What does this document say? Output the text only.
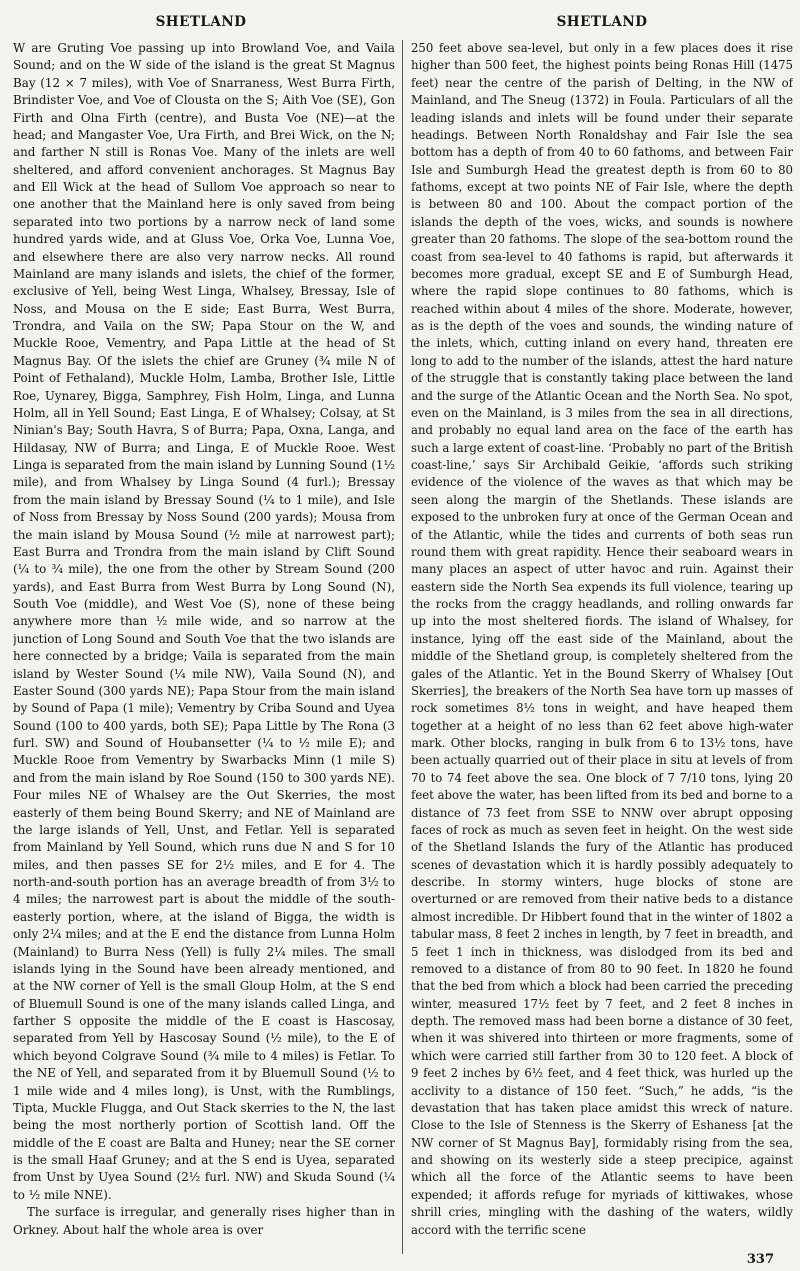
SHETLAND	SHETLAND

W are Gruting Voe passing up into Browland Voe, and Vaila Sound; and on the W side of the island is the great St Magnus Bay (12 × 7 miles), with Voe of Snarraness, West Burra Firth, Brindister Voe, and Voe of Clousta on the S; Aith Voe (SE), Gon Firth and Olna Firth (centre), and Busta Voe (NE)—at the head; and Mangaster Voe, Ura Firth, and Brei Wick, on the N; and farther N still is Ronas Voe. Many of the inlets are well sheltered, and afford convenient anchorages. St Magnus Bay and Ell Wick at the head of Sullom Voe approach so near to one another that the Mainland here is only saved from being separated into two portions by a narrow neck of land some hundred yards wide, and at Gluss Voe, Orka Voe, Lunna Voe, and elsewhere there are also very narrow necks. All round Mainland are many islands and islets, the chief of the former, exclusive of Yell, being West Linga, Whalsey, Bressay, Isle of Noss, and Mousa on the E side; East Burra, West Burra, Trondra, and Vaila on the SW; Papa Stour on the W, and Muckle Rooe, Vementry, and Papa Little at the head of St Magnus Bay. Of the islets the chief are Gruney (¾ mile N of Point of Fethaland), Muckle Holm, Lamba, Brother Isle, Little Roe, Uynarey, Bigga, Samphrey, Fish Holm, Linga, and Lunna Holm, all in Yell Sound; East Linga, E of Whalsey; Colsay, at St Ninian's Bay; South Havra, S of Burra; Papa, Oxna, Langa, and Hildasay, NW of Burra; and Linga, E of Muckle Rooe. West Linga is separated from the main island by Lunning Sound (1½ mile), and from Whalsey by Linga Sound (4 furl.); Bressay from the main island by Bressay Sound (¼ to 1 mile), and Isle of Noss from Bressay by Noss Sound (200 yards); Mousa from the main island by Mousa Sound (½ mile at narrowest part); East Burra and Trondra from the main island by Clift Sound (¼ to ¾ mile), the one from the other by Stream Sound (200 yards), and East Burra from West Burra by Long Sound (N), South Voe (middle), and West Voe (S), none of these being anywhere more than ½ mile wide, and so narrow at the junction of Long Sound and South Voe that the two islands are here connected by a bridge; Vaila is separated from the main island by Wester Sound (¼ mile NW), Vaila Sound (N), and Easter Sound (300 yards NE); Papa Stour from the main island by Sound of Papa (1 mile); Vementry by Criba Sound and Uyea Sound (100 to 400 yards, both SE); Papa Little by The Rona (3 furl. SW) and Sound of Houbansetter (¼ to ½ mile E); and Muckle Rooe from Vementry by Swarbacks Minn (1 mile S) and from the main island by Roe Sound (150 to 300 yards NE). Four miles NE of Whalsey are the Out Skerries, the most easterly of them being Bound Skerry; and NE of Mainland are the large islands of Yell, Unst, and Fetlar. Yell is separated from Mainland by Yell Sound, which runs due N and S for 10 miles, and then passes SE for 2½ miles, and E for 4. The north-and-south portion has an average breadth of from 3½ to 4 miles; the narrowest part is about the middle of the south-easterly portion, where, at the island of Bigga, the width is only 2¼ miles; and at the E end the distance from Lunna Holm (Mainland) to Burra Ness (Yell) is fully 2¼ miles. The small islands lying in the Sound have been already mentioned, and at the NW corner of Yell is the small Gloup Holm, at the S end of Bluemull Sound is one of the many islands called Linga, and farther S opposite the middle of the E coast is Hascosay, separated from Yell by Hascosay Sound (½ mile), to the E of which beyond Colgrave Sound (¾ mile to 4 miles) is Fetlar. To the NE of Yell, and separated from it by Bluemull Sound (½ to 1 mile wide and 4 miles long), is Unst, with the Rumblings, Tipta, Muckle Flugga, and Out Stack skerries to the N, the last being the most northerly portion of Scottish land. Off the middle of the E coast are Balta and Huney; near the SE corner is the small Haaf Gruney; and at the S end is Uyea, separated from Unst by Uyea Sound (2½ furl. NW) and Skuda Sound (¼ to ½ mile NNE).

The surface is irregular, and generally rises higher than in Orkney. About half the whole area is over

250 feet above sea-level, but only in a few places does it rise higher than 500 feet, the highest points being Ronas Hill (1475 feet) near the centre of the parish of Delting, in the NW of Mainland, and The Sneug (1372) in Foula. Particulars of all the leading islands and inlets will be found under their separate headings. Between North Ronaldshay and Fair Isle the sea bottom has a depth of from 40 to 60 fathoms, and between Fair Isle and Sumburgh Head the greatest depth is from 60 to 80 fathoms, except at two points NE of Fair Isle, where the depth is between 80 and 100. About the compact portion of the islands the depth of the voes, wicks, and sounds is nowhere greater than 20 fathoms. The slope of the sea-bottom round the coast from sea-level to 40 fathoms is rapid, but afterwards it becomes more gradual, except SE and E of Sumburgh Head, where the rapid slope continues to 80 fathoms, which is reached within about 4 miles of the shore. Moderate, however, as is the depth of the voes and sounds, the winding nature of the inlets, which, cutting inland on every hand, threaten ere long to add to the number of the islands, attest the hard nature of the struggle that is constantly taking place between the land and the surge of the Atlantic Ocean and the North Sea. No spot, even on the Mainland, is 3 miles from the sea in all directions, and probably no equal land area on the face of the earth has such a large extent of coast-line. ‘Probably no part of the British coast-line,’ says Sir Archibald Geikie, ‘affords such striking evidence of the violence of the waves as that which may be seen along the margin of the Shetlands. These islands are exposed to the unbroken fury at once of the German Ocean and of the Atlantic, while the tides and currents of both seas run round them with great rapidity. Hence their seaboard wears in many places an aspect of utter havoc and ruin. Against their eastern side the North Sea expends its full violence, tearing up the rocks from the craggy headlands, and rolling onwards far up into the most sheltered fiords. The island of Whalsey, for instance, lying off the east side of the Mainland, about the middle of the Shetland group, is completely sheltered from the gales of the Atlantic. Yet in the Bound Skerry of Whalsey [Out Skerries], the breakers of the North Sea have torn up masses of rock sometimes 8½ tons in weight, and have heaped them together at a height of no less than 62 feet above high-water mark. Other blocks, ranging in bulk from 6 to 13½ tons, have been actually quarried out of their place in situ at levels of from 70 to 74 feet above the sea. One block of 7 7/10 tons, lying 20 feet above the water, has been lifted from its bed and borne to a distance of 73 feet from SSE to NNW over abrupt opposing faces of rock as much as seven feet in height. On the west side of the Shetland Islands the fury of the Atlantic has produced scenes of devastation which it is hardly possibly adequately to describe. In stormy winters, huge blocks of stone are overturned or are removed from their native beds to a distance almost incredible. Dr Hibbert found that in the winter of 1802 a tabular mass, 8 feet 2 inches in length, by 7 feet in breadth, and 5 feet 1 inch in thickness, was dislodged from its bed and removed to a distance of from 80 to 90 feet. In 1820 he found that the bed from which a block had been carried the preceding winter, measured 17½ feet by 7 feet, and 2 feet 8 inches in depth. The removed mass had been borne a distance of 30 feet, when it was shivered into thirteen or more fragments, some of which were carried still farther from 30 to 120 feet. A block of 9 feet 2 inches by 6½ feet, and 4 feet thick, was hurled up the acclivity to a distance of 150 feet. “Such,” he adds, “is the devastation that has taken place amidst this wreck of nature. Close to the Isle of Stenness is the Skerry of Eshaness [at the NW corner of St Magnus Bay], formidably rising from the sea, and showing on its westerly side a steep precipice, against which all the force of the Atlantic seems to have been expended; it affords refuge for myriads of kittiwakes, whose shrill cries, mingling with the dashing of the waters, wildly accord with the terrific scene

337
